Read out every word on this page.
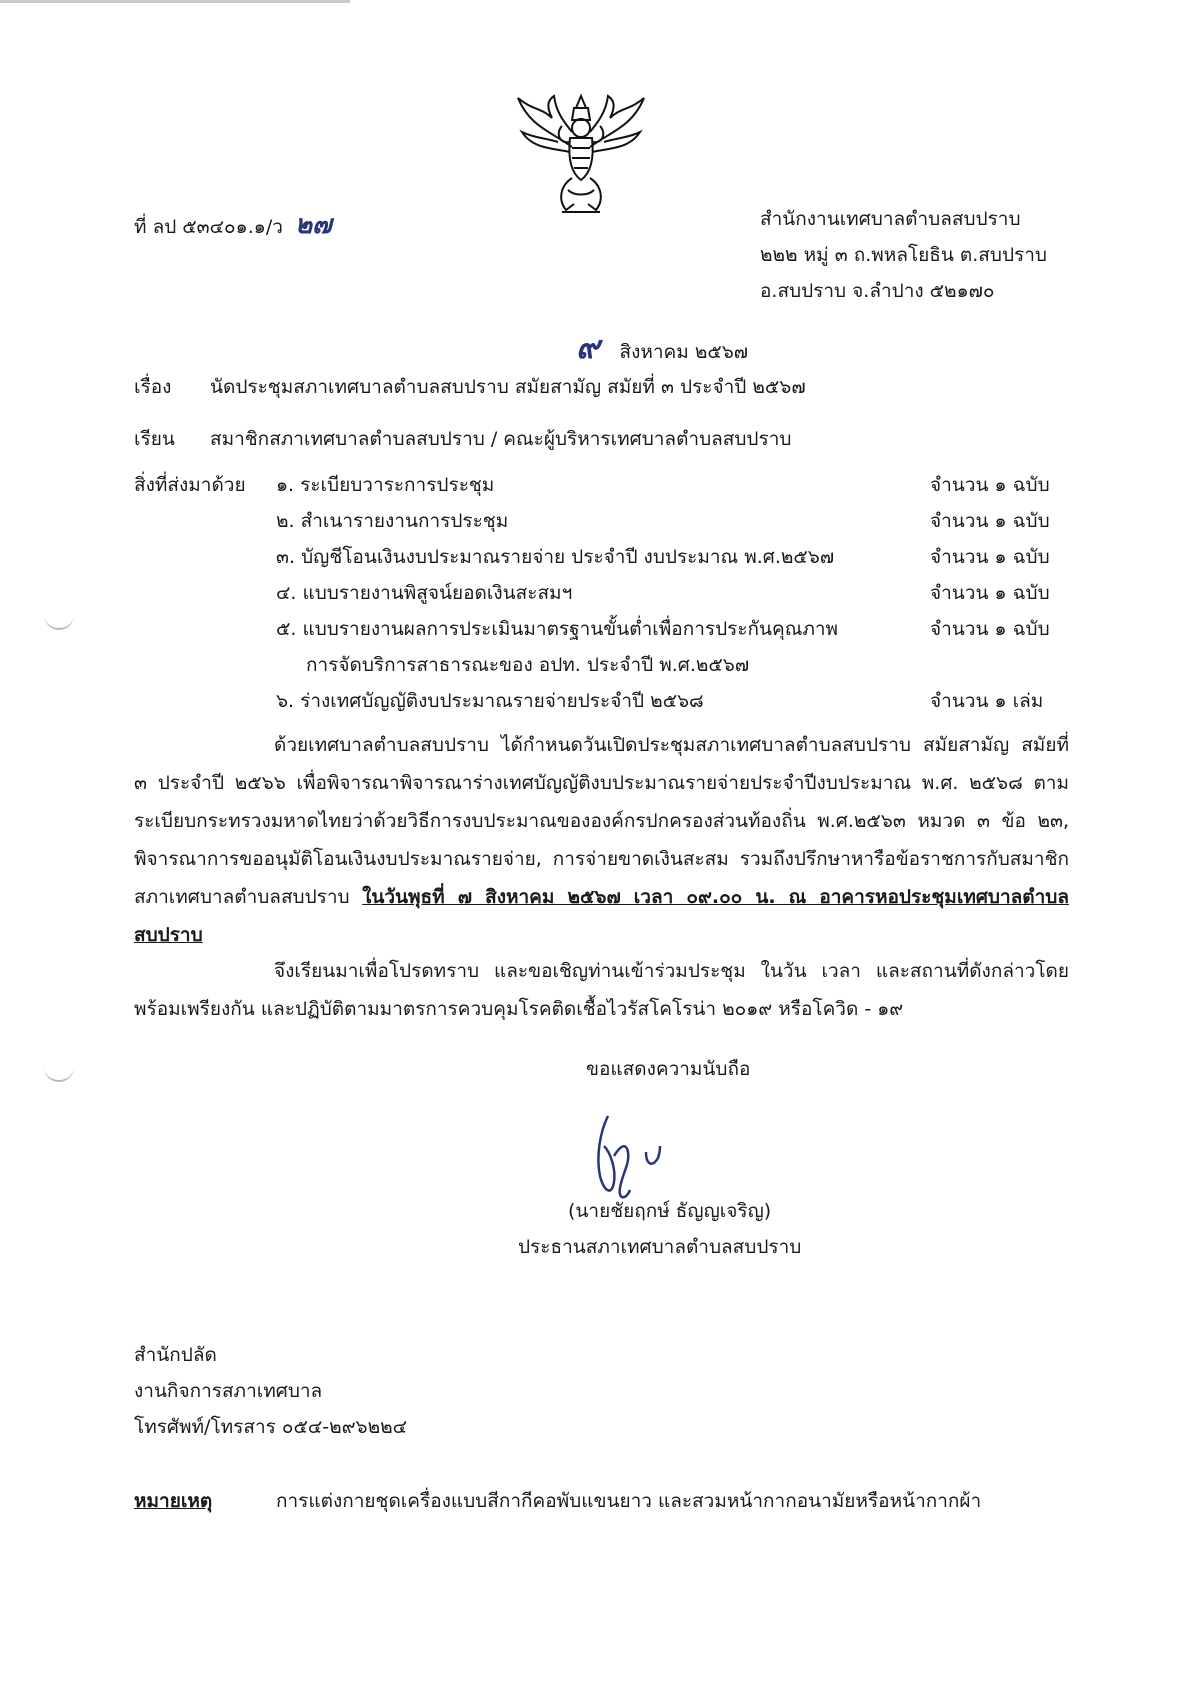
ที่ ลป ๕๓๔๐๑.๑/ว ๒๗	สำนักงานเทศบาลตำบลสบปราบ
๒๒๒ หมู่ ๓ ถ.พหลโยธิน ต.สบปราบ
อ.สบปราบ จ.ลำปาง ๕๒๑๗๐
๙ สิงหาคม ๒๕๖๗
เรื่อง นัดประชุมสภาเทศบาลตำบลสบปราบ สมัยสามัญ สมัยที่ ๓ ประจำปี ๒๕๖๗
เรียน สมาชิกสภาเทศบาลตำบลสบปราบ / คณะผู้บริหารเทศบาลตำบลสบปราบ
สิ่งที่ส่งมาด้วย ๑. ระเบียบวาระการประชุม	จำนวน ๑ ฉบับ
๒. สำเนารายงานการประชุม	จำนวน ๑ ฉบับ
๓. บัญชีโอนเงินงบประมาณรายจ่าย ประจำปี งบประมาณ พ.ศ.๒๕๖๗	จำนวน ๑ ฉบับ
๔. แบบรายงานพิสูจน์ยอดเงินสะสมฯ	จำนวน ๑ ฉบับ
๕. แบบรายงานผลการประเมินมาตรฐานขั้นต่ำเพื่อการประกันคุณภาพ	จำนวน ๑ ฉบับ
การจัดบริการสาธารณะของ อปท. ประจำปี พ.ศ.๒๕๖๗
๖. ร่างเทศบัญญัติงบประมาณรายจ่ายประจำปี ๒๕๖๘	จำนวน ๑ เล่ม
ด้วยเทศบาลตำบลสบปราบ ได้กำหนดวันเปิดประชุมสภาเทศบาลตำบลสบปราบ สมัยสามัญ สมัยที่ ๓ ประจำปี ๒๕๖๖ เพื่อพิจารณาพิจารณาร่างเทศบัญญัติงบประมาณรายจ่ายประจำปีงบประมาณ พ.ศ. ๒๕๖๘ ตามระเบียบกระทรวงมหาดไทยว่าด้วยวิธีการงบประมาณขององค์กรปกครองส่วนท้องถิ่น พ.ศ.๒๕๖๓ หมวด ๓ ข้อ ๒๓, พิจารณาการขออนุมัติโอนเงินงบประมาณรายจ่าย, การจ่ายขาดเงินสะสม รวมถึงปรึกษาหารือข้อราชการกับสมาชิกสภาเทศบาลตำบลสบปราบ ในวันพุธที่ ๗ สิงหาคม ๒๕๖๗ เวลา ๐๙.๐๐ น. ณ อาคารหอประชุมเทศบาลตำบลสบปราบ
จึงเรียนมาเพื่อโปรดทราบ และขอเชิญท่านเข้าร่วมประชุม ในวัน เวลา และสถานที่ดังกล่าวโดยพร้อมเพรียงกัน และปฏิบัติตามมาตรการควบคุมโรคติดเชื้อไวรัสโคโรน่า ๒๐๑๙ หรือโควิด - ๑๙
ขอแสดงความนับถือ
(นายชัยฤกษ์ ธัญญเจริญ)
ประธานสภาเทศบาลตำบลสบปราบ
สำนักปลัด
งานกิจการสภาเทศบาล
โทรศัพท์/โทรสาร ๐๕๔-๒๙๖๒๒๔
หมายเหตุ	การแต่งกายชุดเครื่องแบบสีกากีคอพับแขนยาว และสวมหน้ากากอนามัยหรือหน้ากากผ้า
